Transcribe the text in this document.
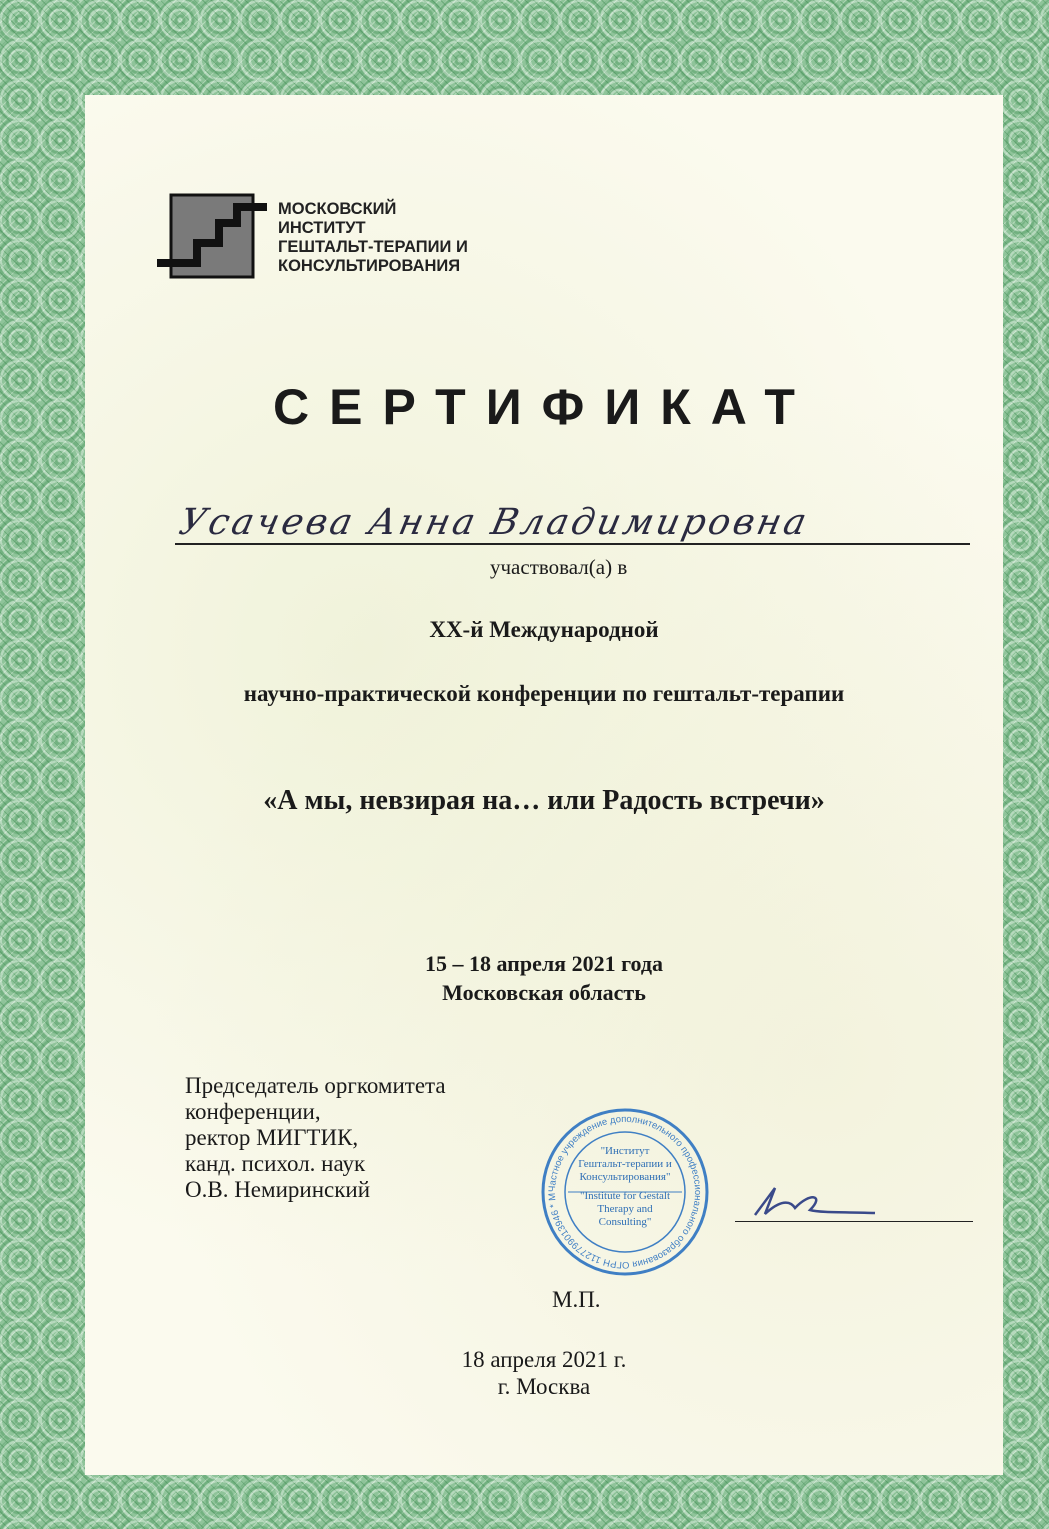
МОСКОВСКИЙ
ИНСТИТУТ
ГЕШТАЛЬТ-ТЕРАПИИ И
КОНСУЛЬТИРОВАНИЯ
СЕРТИФИКАТ
Усачева Анна Владимировна
участвовал(а) в
XX-й Международной
научно-практической конференции по гештальт-терапии
«А мы, невзирая на… или Радость встречи»
15 – 18 апреля 2021 года
Московская область
Председатель оргкомитета
конференции,
ректор МИГТИК,
канд. психол. наук
О.В. Немиринский	Частное учреждение дополнительного профессионального образования ОГРН 1127799013946 * М
"Институт
Гештальт-терапии и
Консультирования"
"Institute for Gestalt
Therapy and
Consulting"
М.П.
18 апреля 2021 г.
г. Москва
